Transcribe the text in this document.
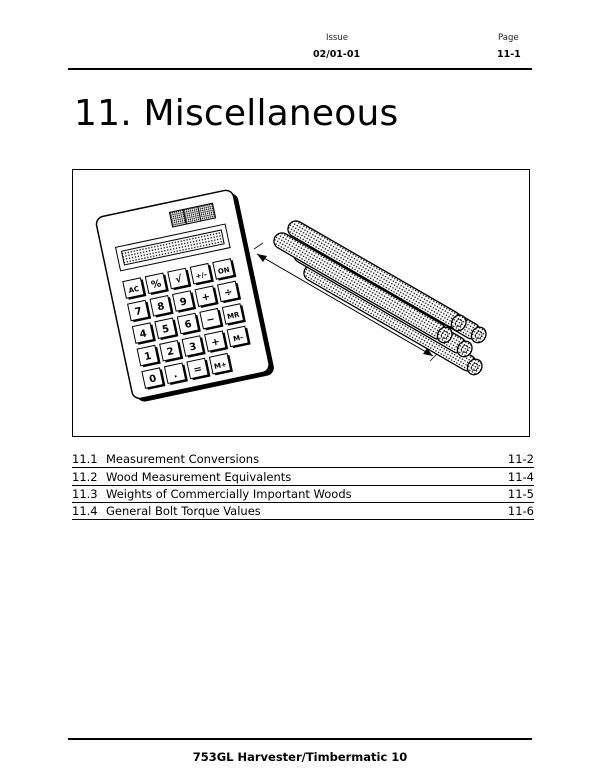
Issue
02/01-01
Page
11-1
11. Miscellaneous
AC % √ +/- ON
7 8 9 + ÷
4 5 6 − MR
1 2 3 + M-
0 . = M+
11.1 Measurement Conversions	11-2
11.2 Wood Measurement Equivalents	11-4
11.3 Weights of Commercially Important Woods	11-5
11.4 General Bolt Torque Values	11-6
753GL Harvester/Timbermatic 10
